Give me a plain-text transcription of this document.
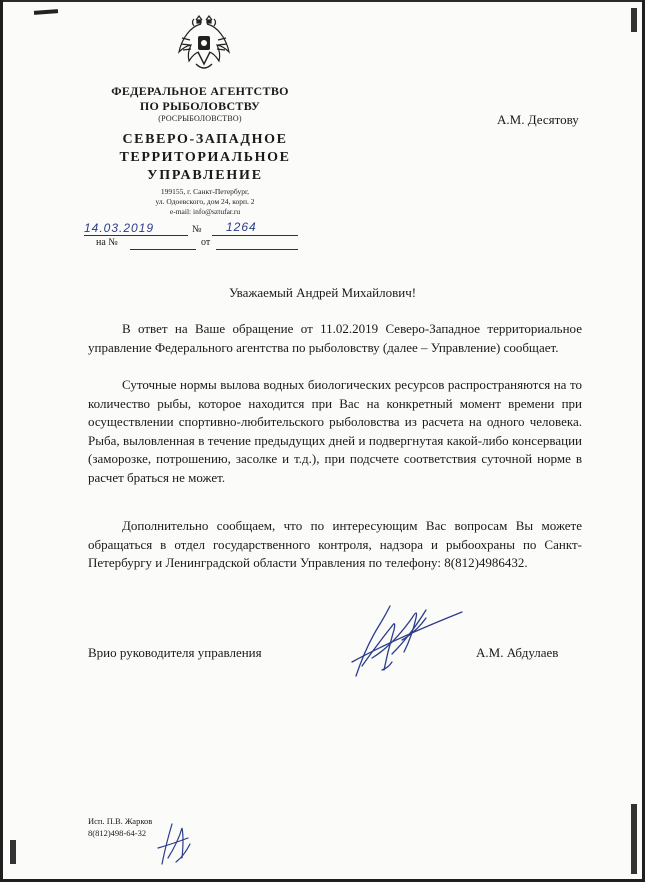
ФЕДЕРАЛЬНОЕ АГЕНТСТВО
ПО РЫБОЛОВСТВУ
(РОСРЫБОЛОВСТВО)
СЕВЕРО-ЗАПАДНОЕ
ТЕРРИТОРИАЛЬНОЕ
УПРАВЛЕНИЕ
199155, г. Санкт-Петербург,
ул. Одоевского, дом 24, корп. 2
e-mail: info@sztufar.ru
14.03.2019	№ 1264
на №	от
А.М. Десятову
Уважаемый Андрей Михайлович!
В ответ на Ваше обращение от 11.02.2019 Северо-Западное территориальное управление Федерального агентства по рыболовству (далее – Управление) сообщает.
Суточные нормы вылова водных биологических ресурсов распространяются на то количество рыбы, которое находится при Вас на конкретный момент времени при осуществлении спортивно-любительского рыболовства из расчета на одного человека. Рыба, выловленная в течение предыдущих дней и подвергнутая какой-либо консервации (заморозке, потрошению, засолке и т.д.), при подсчете соответствия суточной норме в расчет браться не может.
Дополнительно сообщаем, что по интересующим Вас вопросам Вы можете обращаться в отдел государственного контроля, надзора и рыбоохраны по Санкт-Петербургу и Ленинградской области Управления по телефону: 8(812)4986432.
Врио руководителя управления	А.М. Абдулаев
Исп. П.В. Жарков
8(812)498-64-32
